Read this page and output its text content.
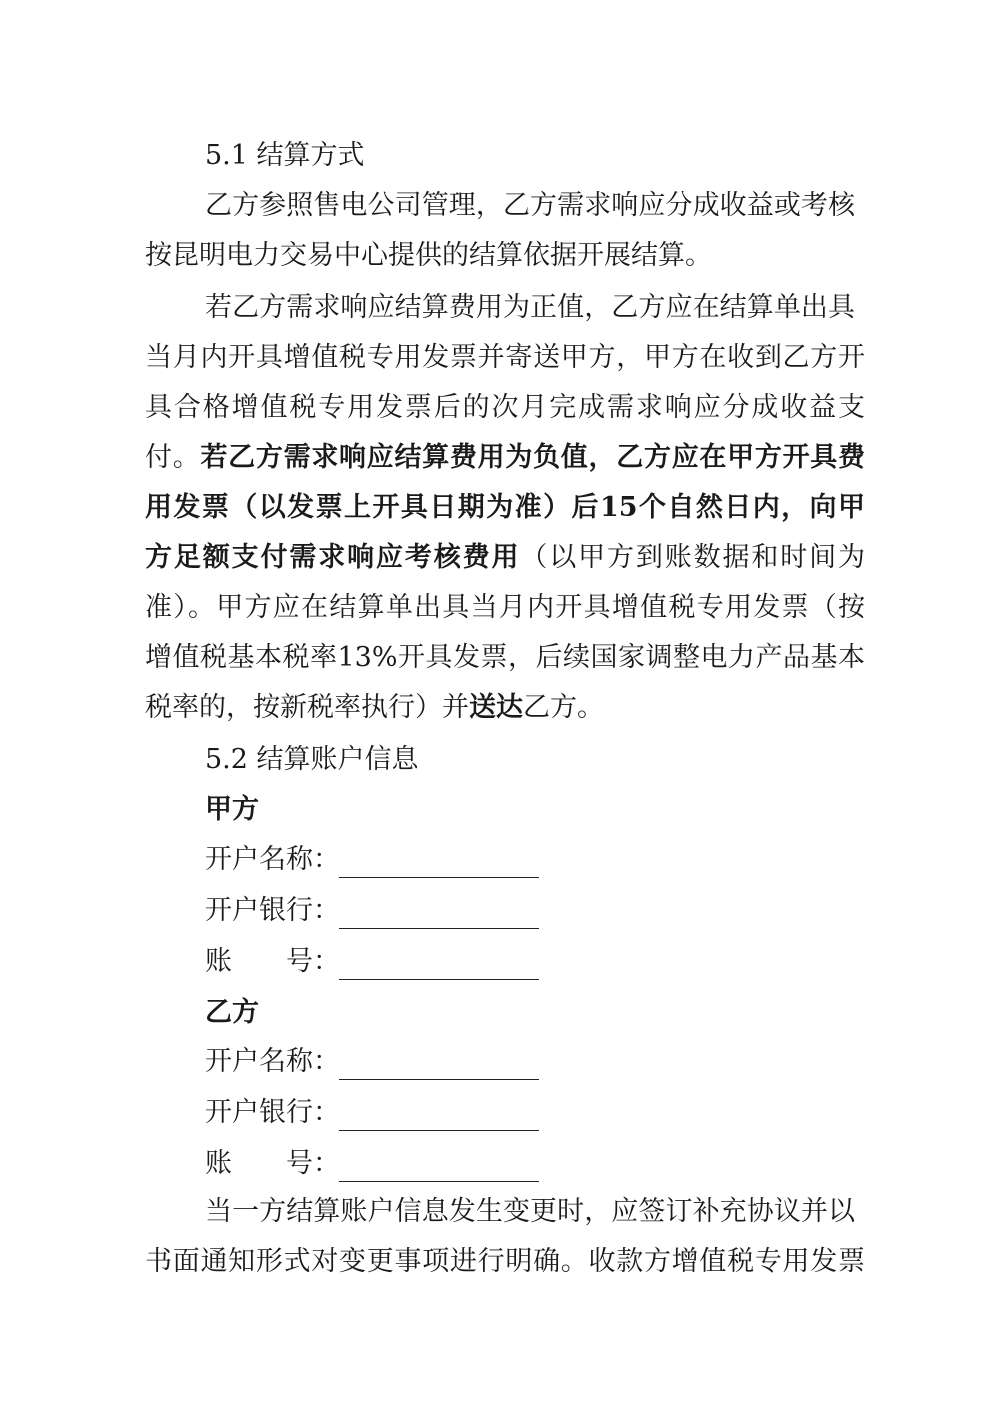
5.1 结算方式
乙方参照售电公司管理，乙方需求响应分成收益或考核
按昆明电力交易中心提供的结算依据开展结算。
若乙方需求响应结算费用为正值，乙方应在结算单出具
当月内开具增值税专用发票并寄送甲方，甲方在收到乙方开
具合格增值税专用发票后的次月完成需求响应分成收益支
付。若乙方需求响应结算费用为负值，乙方应在甲方开具费
用发票（以发票上开具日期为准）后15个自然日内，向甲
方足额支付需求响应考核费用（以甲方到账数据和时间为
准）。甲方应在结算单出具当月内开具增值税专用发票（按
增值税基本税率13%开具发票，后续国家调整电力产品基本
税率的，按新税率执行）并送达乙方。
5.2 结算账户信息
甲方
开户名称：
开户银行：
账　　号：
乙方
开户名称：
开户银行：
账　　号：
当一方结算账户信息发生变更时，应签订补充协议并以
书面通知形式对变更事项进行明确。收款方增值税专用发票
